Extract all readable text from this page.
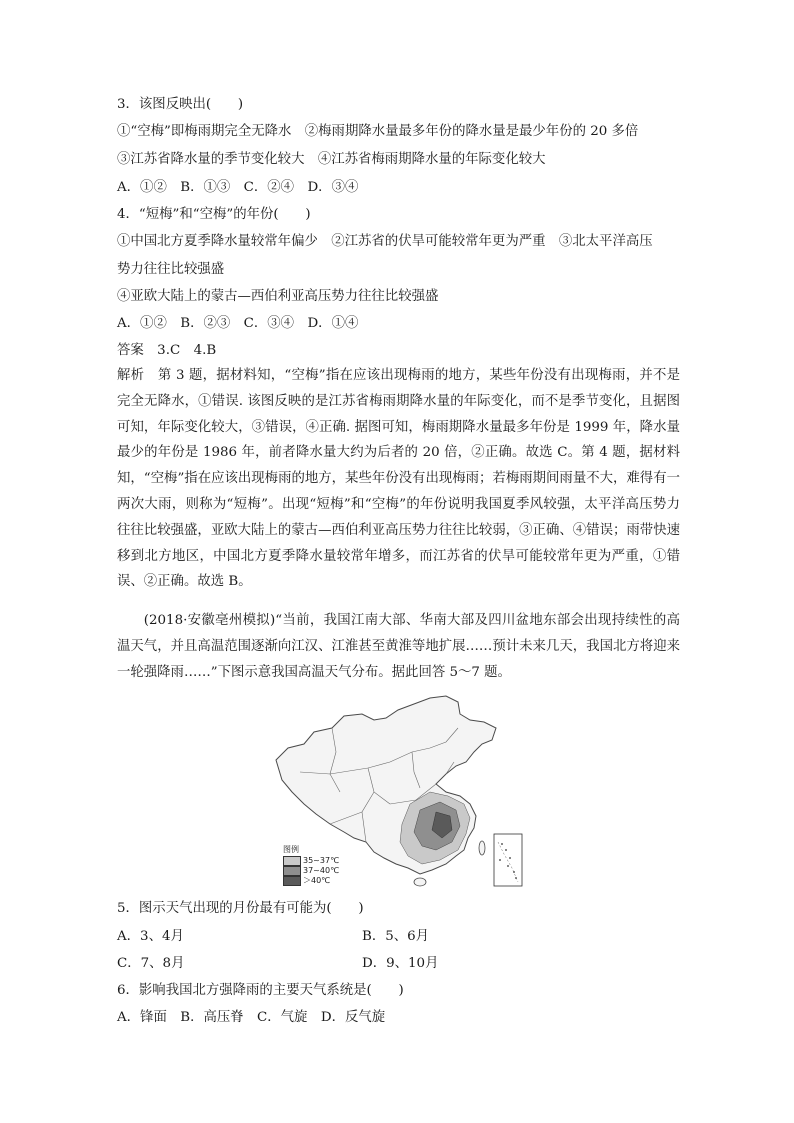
3．该图反映出(　　)
①“空梅”即梅雨期完全无降水　②梅雨期降水量最多年份的降水量是最少年份的 20 多倍
③江苏省降水量的季节变化较大　④江苏省梅雨期降水量的年际变化较大
A．①②　B．①③　C．②④　D．③④
4．“短梅”和“空梅”的年份(　　)
①中国北方夏季降水量较常年偏少　②江苏省的伏旱可能较常年更为严重　③北太平洋高压
势力往往比较强盛
④亚欧大陆上的蒙古—西伯利亚高压势力往往比较强盛
A．①②　B．②③　C．③④　D．①④
答案　3.C　4.B
解析　第 3 题，据材料知，“空梅”指在应该出现梅雨的地方，某些年份没有出现梅雨，并不是完全无降水，①错误. 该图反映的是江苏省梅雨期降水量的年际变化，而不是季节变化，且据图可知，年际变化较大，③错误，④正确. 据图可知，梅雨期降水量最多年份是 1999 年，降水量最少的年份是 1986 年，前者降水量大约为后者的 20 倍，②正确。故选 C。第 4 题，据材料知，“空梅”指在应该出现梅雨的地方，某些年份没有出现梅雨；若梅雨期间雨量不大，难得有一两次大雨，则称为“短梅”。出现“短梅”和“空梅”的年份说明我国夏季风较强，太平洋高压势力往往比较强盛，亚欧大陆上的蒙古—西伯利亚高压势力往往比较弱，③正确、④错误；雨带快速移到北方地区，中国北方夏季降水量较常年增多，而江苏省的伏旱可能较常年更为严重，①错误、②正确。故选 B。
(2018·安徽亳州模拟)“当前，我国江南大部、华南大部及四川盆地东部会出现持续性的高温天气，并且高温范围逐渐向江汉、江淮甚至黄淮等地扩展……预计未来几天，我国北方将迎来一轮强降雨……”下图示意我国高温天气分布。据此回答 5～7 题。
图例
35~37℃
37~40℃
＞40℃
5．图示天气出现的月份最有可能为(　　)
A．3、4月	B．5、6月
C．7、8月	D．9、10月
6．影响我国北方强降雨的主要天气系统是(　　)
A．锋面　B．高压脊　C．气旋　D．反气旋
